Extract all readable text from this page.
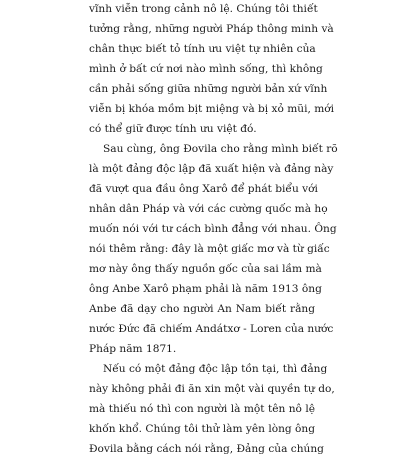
vĩnh viễn trong cảnh nô lệ. Chúng tôi thiết
tưởng rằng, những người Pháp thông minh và
chân thực biết tỏ tính ưu việt tự nhiên của
mình ở bất cứ nơi nào mình sống, thì không
cần phải sống giữa những người bản xứ vĩnh
viễn bị khóa mồm bịt miệng và bị xỏ mũi, mới
có thể giữ được tính ưu việt đó.
Sau cùng, ông Đovila cho rằng mình biết rõ
là một đảng độc lập đã xuất hiện và đảng này
đã vượt qua đầu ông Xarô để phát biểu với
nhân dân Pháp và với các cường quốc mà họ
muốn nói với tư cách bình đẳng với nhau. Ông
nói thêm rằng: đây là một giấc mơ và từ giấc
mơ này ông thấy nguồn gốc của sai lầm mà
ông Anbe Xarô phạm phải là năm 1913 ông
Anbe đã dạy cho người An Nam biết rằng
nước Đức đã chiếm Andátxơ - Loren của nước
Pháp năm 1871.
Nếu có một đảng độc lập tồn tại, thì đảng
này không phải đi ăn xin một vài quyền tự do,
mà thiếu nó thì con người là một tên nô lệ
khốn khổ. Chúng tôi thử làm yên lòng ông
Đovila bằng cách nói rằng, Đảng của chúng
